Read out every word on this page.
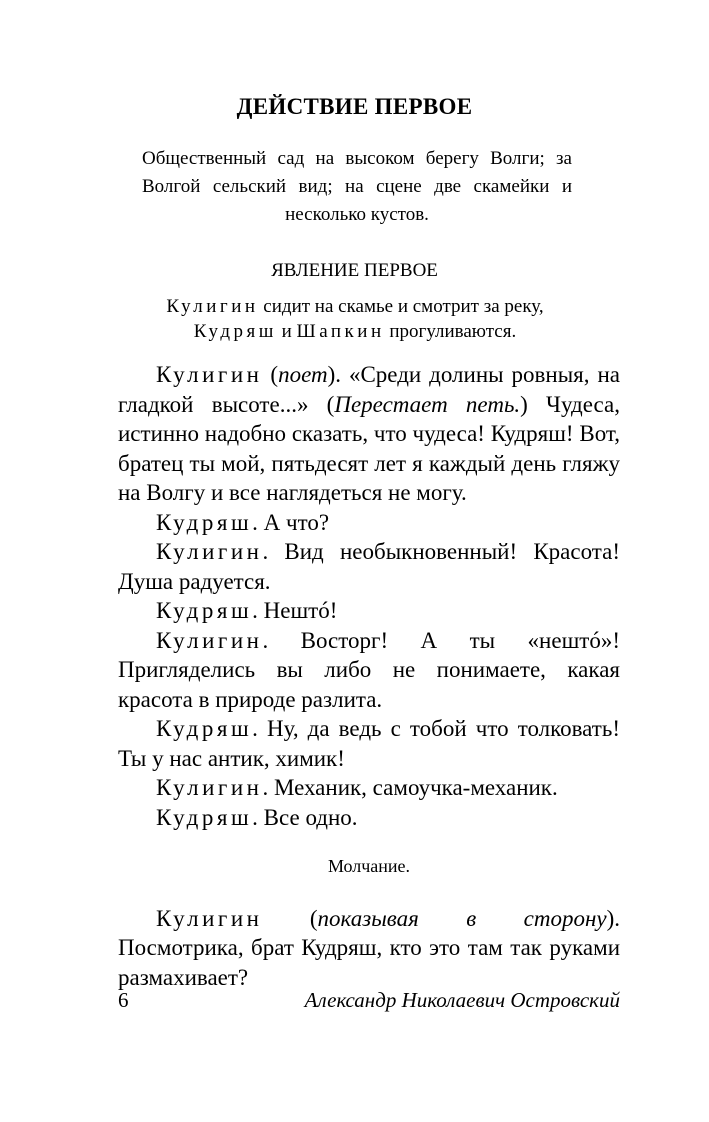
ДЕЙСТВИЕ ПЕРВОЕ
Общественный сад на высоком берегу Волги; за Волгой сельский вид; на сцене две скамейки и несколько кустов.
ЯВЛЕНИЕ ПЕРВОЕ
Кулигин сидит на скамье и смотрит за реку,
Кудряш и Шапкин прогуливаются.

Кулигин (поет). «Среди долины ровныя, на гладкой высоте...» (Перестает петь.) Чудеса, истинно надобно сказать, что чудеса! Кудряш! Вот, братец ты мой, пятьдесят лет я каждый день гляжу на Волгу и все наглядеться не могу.

Кудряш. А что?

Кулигин. Вид необыкновенный! Красота! Душа радуется.

Кудряш. Нештó!

Кулигин. Восторг! А ты «нештó»! Пригляделись вы либо не понимаете, какая красота в природе разлита.

Кудряш. Ну, да ведь с тобой что толковать! Ты у нас антик, химик!

Кулигин. Механик, самоучка-механик.

Кудряш. Все одно.

Молчание.

Кулигин (показывая в сторону). Посмотрика, брат Кудряш, кто это там так руками размахивает?

6	Александр Николаевич Островский
